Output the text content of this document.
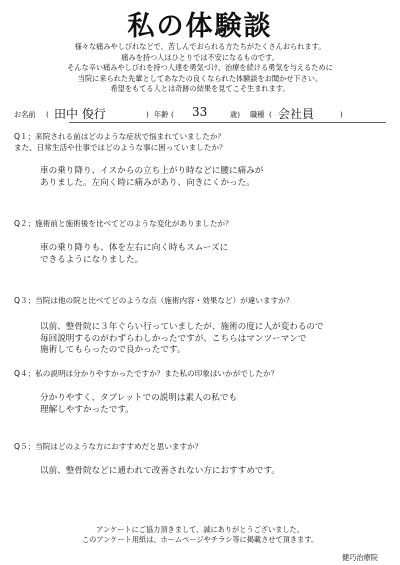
私の体験談
様々な痛みやしびれなどで、苦しんでおられる方たちがたくさんおられます。
痛みを持つ人はひとりでは不安になるものです。
そんな辛い痛みやしびれを持つ人達を勇気づけ、治療を続ける勇気を与えるために
当院に来られた先輩としてあなたの良くなられた体験談をお聞かせ下さい。
希望をもてる人とは奇跡の結果を見てこそ生まれます。
お名前 ( 田中 俊行	) 年齢 ( 33	歳) 職種 ( 会社員	)
Q１；来院される前はどのような症状で悩まれていましたか？
また、日常生活や仕事ではどのような事に困っていましたか？
車の乗り降り、イスからの立ち上がり時などに腰に痛みが
ありました。左向く時に痛みがあり、向きにくかった。
Q２；施術前と施術後を比べてどのような変化がありましたか？
車の乗り降りも、体を左右に向く時もスムーズに
できるようになりました。
Q３；当院は他の院と比べてどのような点（施術内容・効果など）が違いますか？
以前、整骨院に３年ぐらい行っていましたが、施術の度に人が変わるので
毎回説明するのがわずらわしかったですが、こちらはマンツーマンで
施術してもらったので良かったです。
Q４；私の説明は分かりやすかったですか？また私の印象はいかがでしたか？
分かりやすく、タブレットでの説明は素人の私でも
理解しやすかったです。
Q５；当院はどのような方におすすめだと思いますか？
以前、整骨院などに通われて改善されない方におすすめです。
アンケートにご協力頂きまして、誠にありがとうございました。
このアンケート用紙は、ホームページやチラシ等に掲載させて頂きます。
健巧治療院
